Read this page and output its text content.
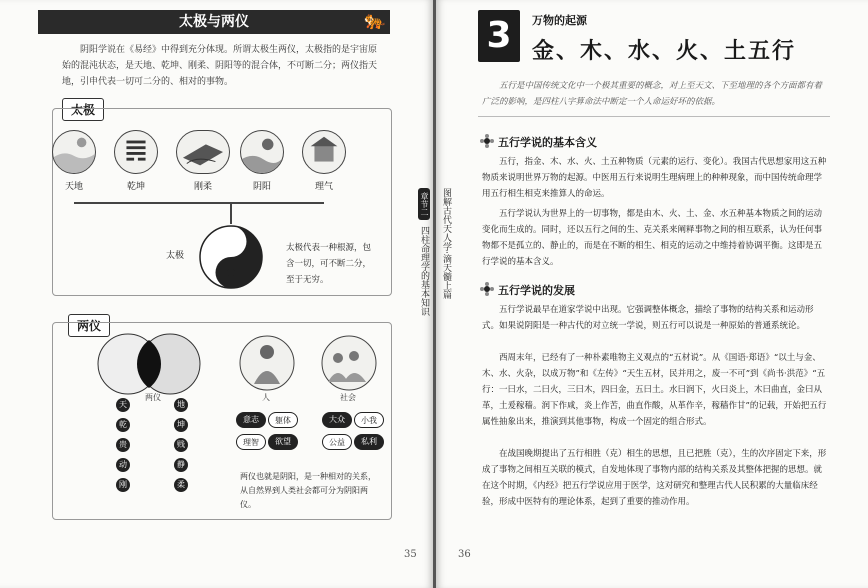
太极与两仪	🐅
阴阳学说在《易经》中得到充分体现。所谓太极生两仪，太极指的是宇宙原始的混沌状态，是天地、乾坤、刚柔、阴阳等的混合体，不可断二分；两仪指天地，引申代表一切可二分的、相对的事物。
太极
天地	乾坤	刚柔	阴阳	理气
太极
太极代表一种根源，包含一切，可不断二分，至于无穷。
两仪
两仪
天
乾
贵
动
刚
地
坤
贱
静
柔
人	社会
意志	躯体
理智	欲望
大众	小我
公益	私利
两仪也就是阴阳，是一种相对的关系，从自然界到人类社会都可分为阴阳两仪。
35
章节二
四柱命理学的基本知识 图解古代天人学·滴天髓上篇
3	万物的起源
金、木、水、火、土五行
五行是中国传统文化中一个极其重要的概念，对上至天文、下至地理的各个方面都有着广泛的影响，是四柱八字算命法中断定一个人命运好坏的依据。
五行学说的基本含义
五行，指金、木、水、火、土五种物质（元素的运行、变化）。我国古代思想家用这五种物质来说明世界万物的起源。中医用五行来说明生理病理上的种种现象，而中国传统命理学用五行相生相克来推算人的命运。
五行学说认为世界上的一切事物，都是由木、火、土、金、水五种基本物质之间的运动变化而生成的。同时，还以五行之间的生、克关系来阐释事物之间的相互联系，认为任何事物都不是孤立的、静止的，而是在不断的相生、相克的运动之中维持着协调平衡。这即是五行学说的基本含义。
五行学说的发展
五行学说最早在道家学说中出现。它强调整体概念，描绘了事物的结构关系和运动形式。如果说阴阳是一种古代的对立统一学说，则五行可以说是一种原始的普通系统论。
西周末年，已经有了一种朴素唯物主义观点的“五材说”。从《国语·郑语》“以土与金、木、水、火杂，以成万物”和《左传》“天生五材，民并用之，废一不可”到《尚书·洪范》“五行：一曰水，二曰火，三曰木，四曰金，五曰土。水曰润下，火曰炎上，木曰曲直，金曰从革，土爰稼穑。润下作咸，炎上作苦，曲直作酸，从革作辛，稼穑作甘”的记载，开始把五行属性抽象出来，推演到其他事物，构成一个固定的组合形式。
在战国晚期提出了五行相胜（克）相生的思想，且已把胜（克），生的次序固定下来，形成了事物之间相互关联的模式，自发地体现了事物内部的结构关系及其整体把握的思想。就在这个时期，《内经》把五行学说应用于医学，这对研究和整理古代人民积累的大量临床经验，形成中医特有的理论体系，起到了重要的推动作用。
36
